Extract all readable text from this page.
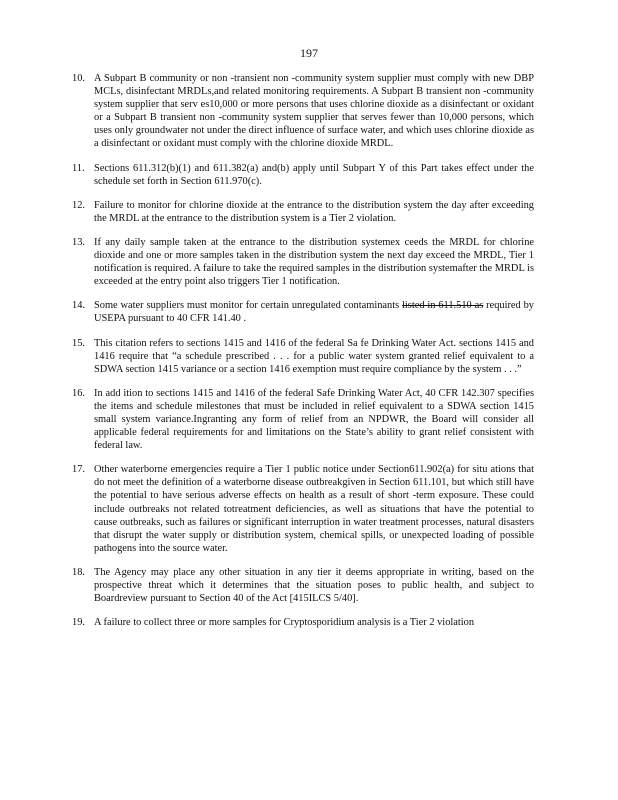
197
10. A Subpart B community or non -transient non -community system supplier must comply with new DBP MCLs, disinfectant MRDLs,and related monitoring requirements. A Subpart B transient non -community system supplier that serv es10,000 or more persons that uses chlorine dioxide as a disinfectant or oxidant or a Subpart B transient non -community system supplier that serves fewer than 10,000 persons, which uses only groundwater not under the direct influence of surface water, and which uses chlorine dioxide as a disinfectant or oxidant must comply with the chlorine dioxide MRDL.
11. Sections 611.312(b)(1) and 611.382(a) and(b) apply until Subpart Y of this Part takes effect under the schedule set forth in Section 611.970(c).
12. Failure to monitor for chlorine dioxide at the entrance to the distribution system the day after exceeding the MRDL at the entrance to the distribution system is a Tier 2 violation.
13. If any daily sample taken at the entrance to the distribution systemex ceeds the MRDL for chlorine dioxide and one or more samples taken in the distribution system the next day exceed the MRDL, Tier 1 notification is required. A failure to take the required samples in the distribution systemafter the MRDL is exceeded at the entry point also triggers Tier 1 notification.
14. Some water suppliers must monitor for certain unregulated contaminants listed in 611.510 as required by USEPA pursuant to 40 CFR 141.40 .
15. This citation refers to sections 1415 and 1416 of the federal Sa fe Drinking Water Act. sections 1415 and 1416 require that “a schedule prescribed . . . for a public water system granted relief equivalent to a SDWA section 1415 variance or a section 1416 exemption must require compliance by the system . . .”
16. In add ition to sections 1415 and 1416 of the federal Safe Drinking Water Act, 40 CFR 142.307 specifies the items and schedule milestones that must be included in relief equivalent to a SDWA section 1415 small system variance.Ingranting any form of relief from an NPDWR, the Board will consider all applicable federal requirements for and limitations on the State’s ability to grant relief consistent with federal law.
17. Other waterborne emergencies require a Tier 1 public notice under Section611.902(a) for situ ations that do not meet the definition of a waterborne disease outbreakgiven in Section 611.101, but which still have the potential to have serious adverse effects on health as a result of short -term exposure. These could include outbreaks not related totreatment deficiencies, as well as situations that have the potential to cause outbreaks, such as failures or significant interruption in water treatment processes, natural disasters that disrupt the water supply or distribution system, chemical spills, or unexpected loading of possible pathogens into the source water.
18. The Agency may place any other situation in any tier it deems appropriate in writing, based on the prospective threat which it determines that the situation poses to public health, and subject to Boardreview pursuant to Section 40 of the Act [415ILCS 5/40].
19. A failure to collect three or more samples for Cryptosporidium analysis is a Tier 2 violation
